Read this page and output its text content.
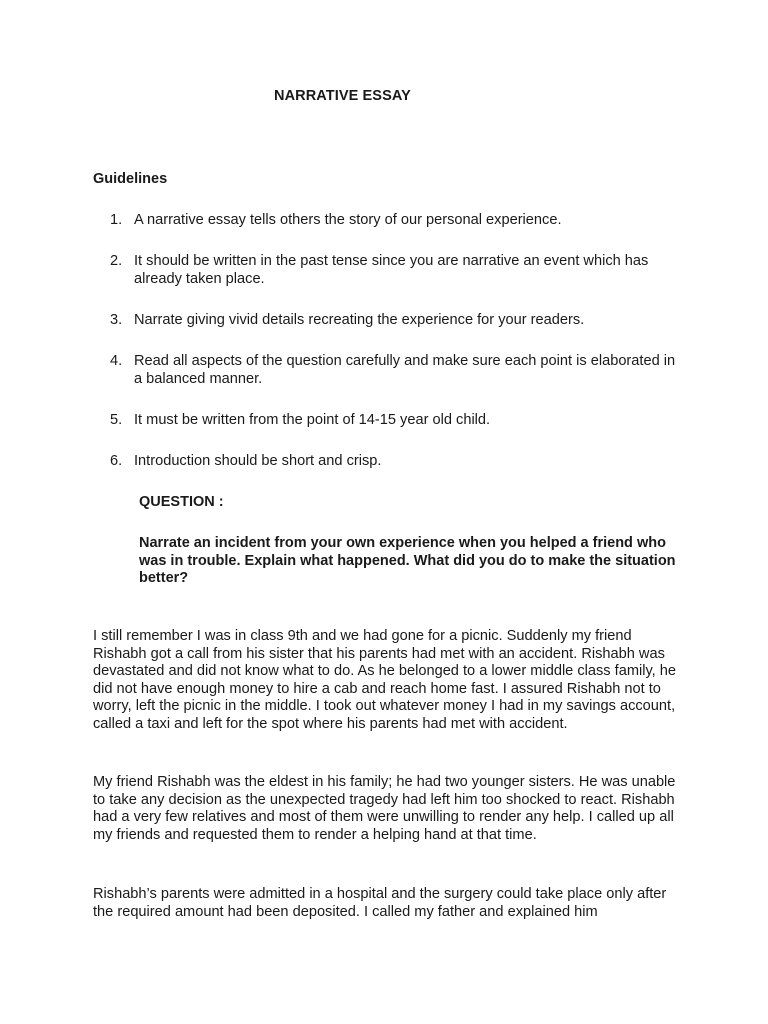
NARRATIVE ESSAY
Guidelines
1. A narrative essay tells others the story of our personal experience.
2. It should be written in the past tense since you are narrative an event which has already taken place.
3. Narrate giving vivid details recreating the experience for your readers.
4. Read all aspects of the question carefully and make sure each point is elaborated in a balanced manner.
5. It must be written from the point of 14-15 year old child.
6. Introduction should be short and crisp.
QUESTION :
Narrate an incident from your own experience when you helped a friend who was in trouble. Explain what happened. What did you do to make the situation better?

I still remember I was in class 9th and we had gone for a picnic. Suddenly my friend Rishabh got a call from his sister that his parents had met with an accident. Rishabh was devastated and did not know what to do. As he belonged to a lower middle class family, he did not have enough money to hire a cab and reach home fast. I assured Rishabh not to worry, left the picnic in the middle. I took out whatever money I had in my savings account, called a taxi and left for the spot where his parents had met with accident.

My friend Rishabh was the eldest in his family; he had two younger sisters. He was unable to take any decision as the unexpected tragedy had left him too shocked to react. Rishabh had a very few relatives and most of them were unwilling to render any help. I called up all my friends and requested them to render a helping hand at that time.

Rishabh’s parents were admitted in a hospital and the surgery could take place only after the required amount had been deposited. I called my father and explained him
